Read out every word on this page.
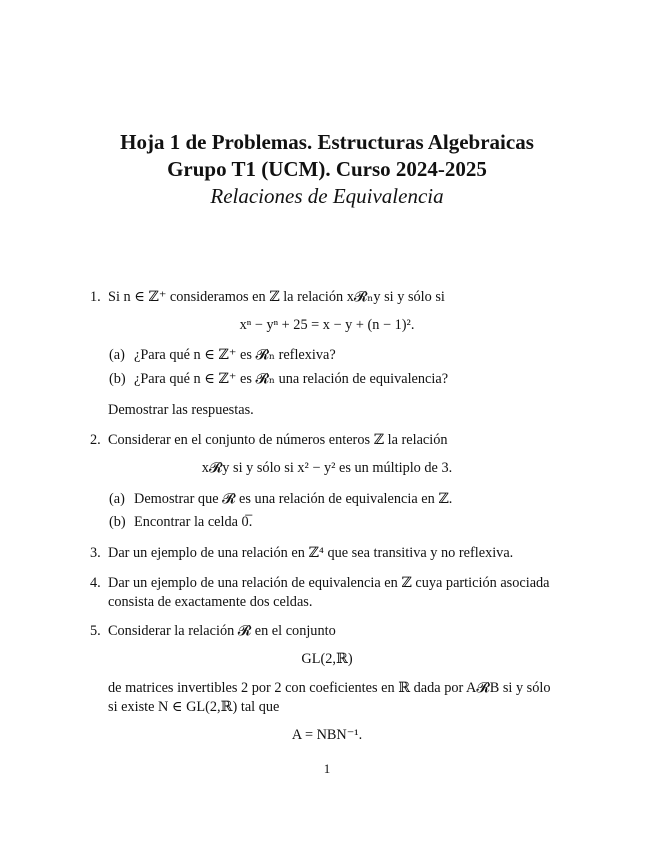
Hoja 1 de Problemas. Estructuras Algebraicas
Grupo T1 (UCM). Curso 2024-2025
Relaciones de Equivalencia
1. Si n ∈ ℤ⁺ consideramos en ℤ la relación x𝓡ₙy si y sólo si
xⁿ − yⁿ + 25 = x − y + (n − 1)².
(a) ¿Para qué n ∈ ℤ⁺ es 𝓡ₙ reflexiva?
(b) ¿Para qué n ∈ ℤ⁺ es 𝓡ₙ una relación de equivalencia?
Demostrar las respuestas.
2. Considerar en el conjunto de números enteros ℤ la relación
x𝓡y si y sólo si x² − y² es un múltiplo de 3.
(a) Demostrar que 𝓡 es una relación de equivalencia en ℤ.
(b) Encontrar la celda 0̅.
3. Dar un ejemplo de una relación en ℤ⁴ que sea transitiva y no reflexiva.
4. Dar un ejemplo de una relación de equivalencia en ℤ cuya partición asociada
consista de exactamente dos celdas.
5. Considerar la relación 𝓡 en el conjunto
GL(2,ℝ)
de matrices invertibles 2 por 2 con coeficientes en ℝ dada por A𝓡B si y sólo
si existe N ∈ GL(2,ℝ) tal que
A = NBN⁻¹.
1
